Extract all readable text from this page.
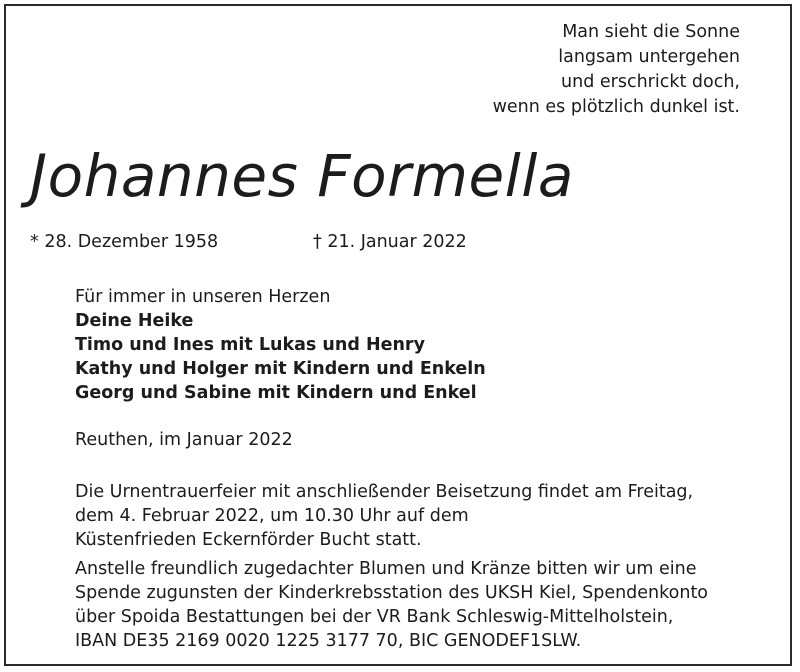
Man sieht die Sonne
langsam untergehen
und erschrickt doch,
wenn es plötzlich dunkel ist.
Johannes Formella
* 28. Dezember 1958	† 21. Januar 2022
Für immer in unseren Herzen
Deine Heike
Timo und Ines mit Lukas und Henry
Kathy und Holger mit Kindern und Enkeln
Georg und Sabine mit Kindern und Enkel
Reuthen, im Januar 2022
Die Urnentrauerfeier mit anschließender Beisetzung findet am Freitag,
dem 4. Februar 2022, um 10.30 Uhr auf dem
Küstenfrieden Eckernförder Bucht statt.
Anstelle freundlich zugedachter Blumen und Kränze bitten wir um eine
Spende zugunsten der Kinderkrebsstation des UKSH Kiel, Spendenkonto
über Spoida Bestattungen bei der VR Bank Schleswig-Mittelholstein,
IBAN DE35 2169 0020 1225 3177 70, BIC GENODEF1SLW.
